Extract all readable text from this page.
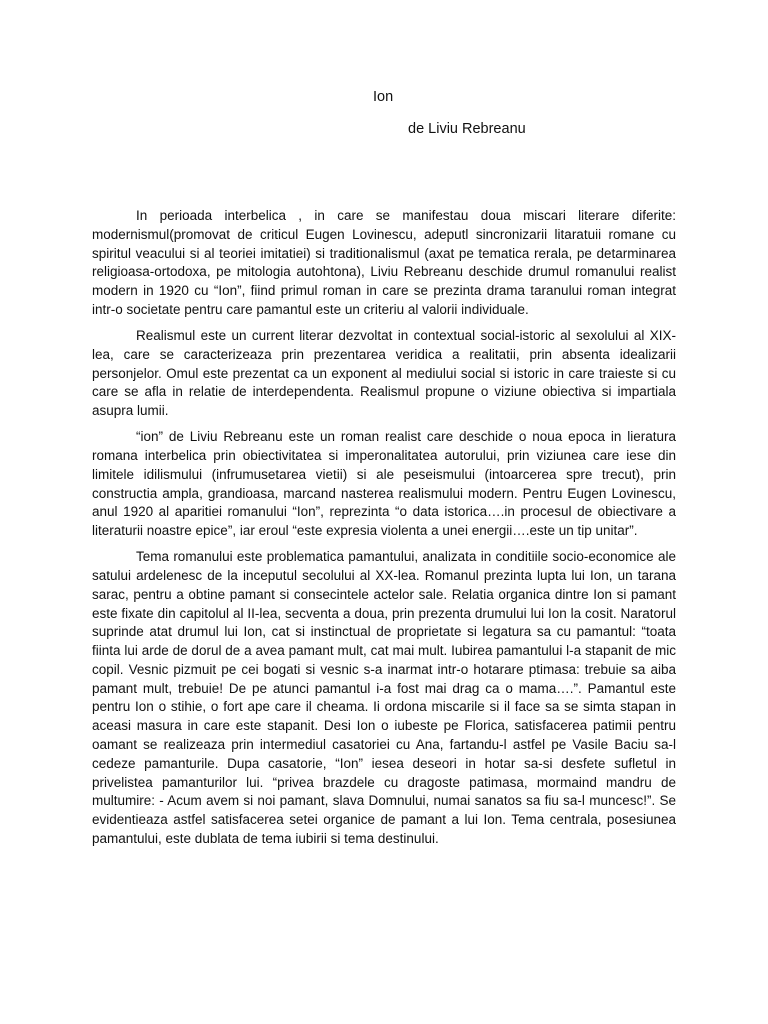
Ion
de Liviu Rebreanu

In perioada interbelica , in care se manifestau doua miscari literare diferite: modernismul(promovat de criticul Eugen Lovinescu, adeputl sincronizarii litaratuii romane cu spiritul veacului si al teoriei imitatiei) si traditionalismul (axat pe tematica rerala, pe detarminarea religioasa-ortodoxa, pe mitologia autohtona), Liviu Rebreanu deschide drumul romanului realist modern in 1920 cu “Ion”, fiind primul roman in care se prezinta drama taranului roman integrat intr-o societate pentru care pamantul este un criteriu al valorii individuale.

Realismul este un current literar dezvoltat in contextual social-istoric al sexolului al XIX-lea, care se caracterizeaza prin prezentarea veridica a realitatii, prin absenta idealizarii personjelor. Omul este prezentat ca un exponent al mediului social si istoric in care traieste si cu care se afla in relatie de interdependenta. Realismul propune o viziune obiectiva si impartiala asupra lumii.

“ion” de Liviu Rebreanu este un roman realist care deschide o noua epoca in lieratura romana interbelica prin obiectivitatea si imperonalitatea autorului, prin viziunea care iese din limitele idilismului (infrumusetarea vietii) si ale peseismului (intoarcerea spre trecut), prin constructia ampla, grandioasa, marcand nasterea realismului modern. Pentru Eugen Lovinescu, anul 1920 al aparitiei romanului “Ion”, reprezinta “o data istorica….in procesul de obiectivare a literaturii noastre epice”, iar eroul “este expresia violenta a unei energii….este un tip unitar”.

Tema romanului este problematica pamantului, analizata in conditiile socio-economice ale satului ardelenesc de la inceputul secolului al XX-lea. Romanul prezinta lupta lui Ion, un tarana sarac, pentru a obtine pamant si consecintele actelor sale. Relatia organica dintre Ion si pamant este fixate din capitolul al II-lea, secventa a doua, prin prezenta drumului lui Ion la cosit. Naratorul suprinde atat drumul lui Ion, cat si instinctual de proprietate si legatura sa cu pamantul: “toata fiinta lui arde de dorul de a avea pamant mult, cat mai mult. Iubirea pamantului l-a stapanit de mic copil. Vesnic pizmuit pe cei bogati si vesnic s-a inarmat intr-o hotarare ptimasa: trebuie sa aiba pamant mult, trebuie! De pe atunci pamantul i-a fost mai drag ca o mama….”. Pamantul este pentru Ion o stihie, o fort ape care il cheama. Ii ordona miscarile si il face sa se simta stapan in aceasi masura in care este stapanit. Desi Ion o iubeste pe Florica, satisfacerea patimii pentru oamant se realizeaza prin intermediul casatoriei cu Ana, fartandu-l astfel pe Vasile Baciu sa-l cedeze pamanturile. Dupa casatorie, “Ion” iesea deseori in hotar sa-si desfete sufletul in privelistea pamanturilor lui. “privea brazdele cu dragoste patimasa, mormaind mandru de multumire: - Acum avem si noi pamant, slava Domnului, numai sanatos sa fiu sa-l muncesc!”. Se evidentieaza astfel satisfacerea setei organice de pamant a lui Ion. Tema centrala, posesiunea pamantului, este dublata de tema iubirii si tema destinului.
